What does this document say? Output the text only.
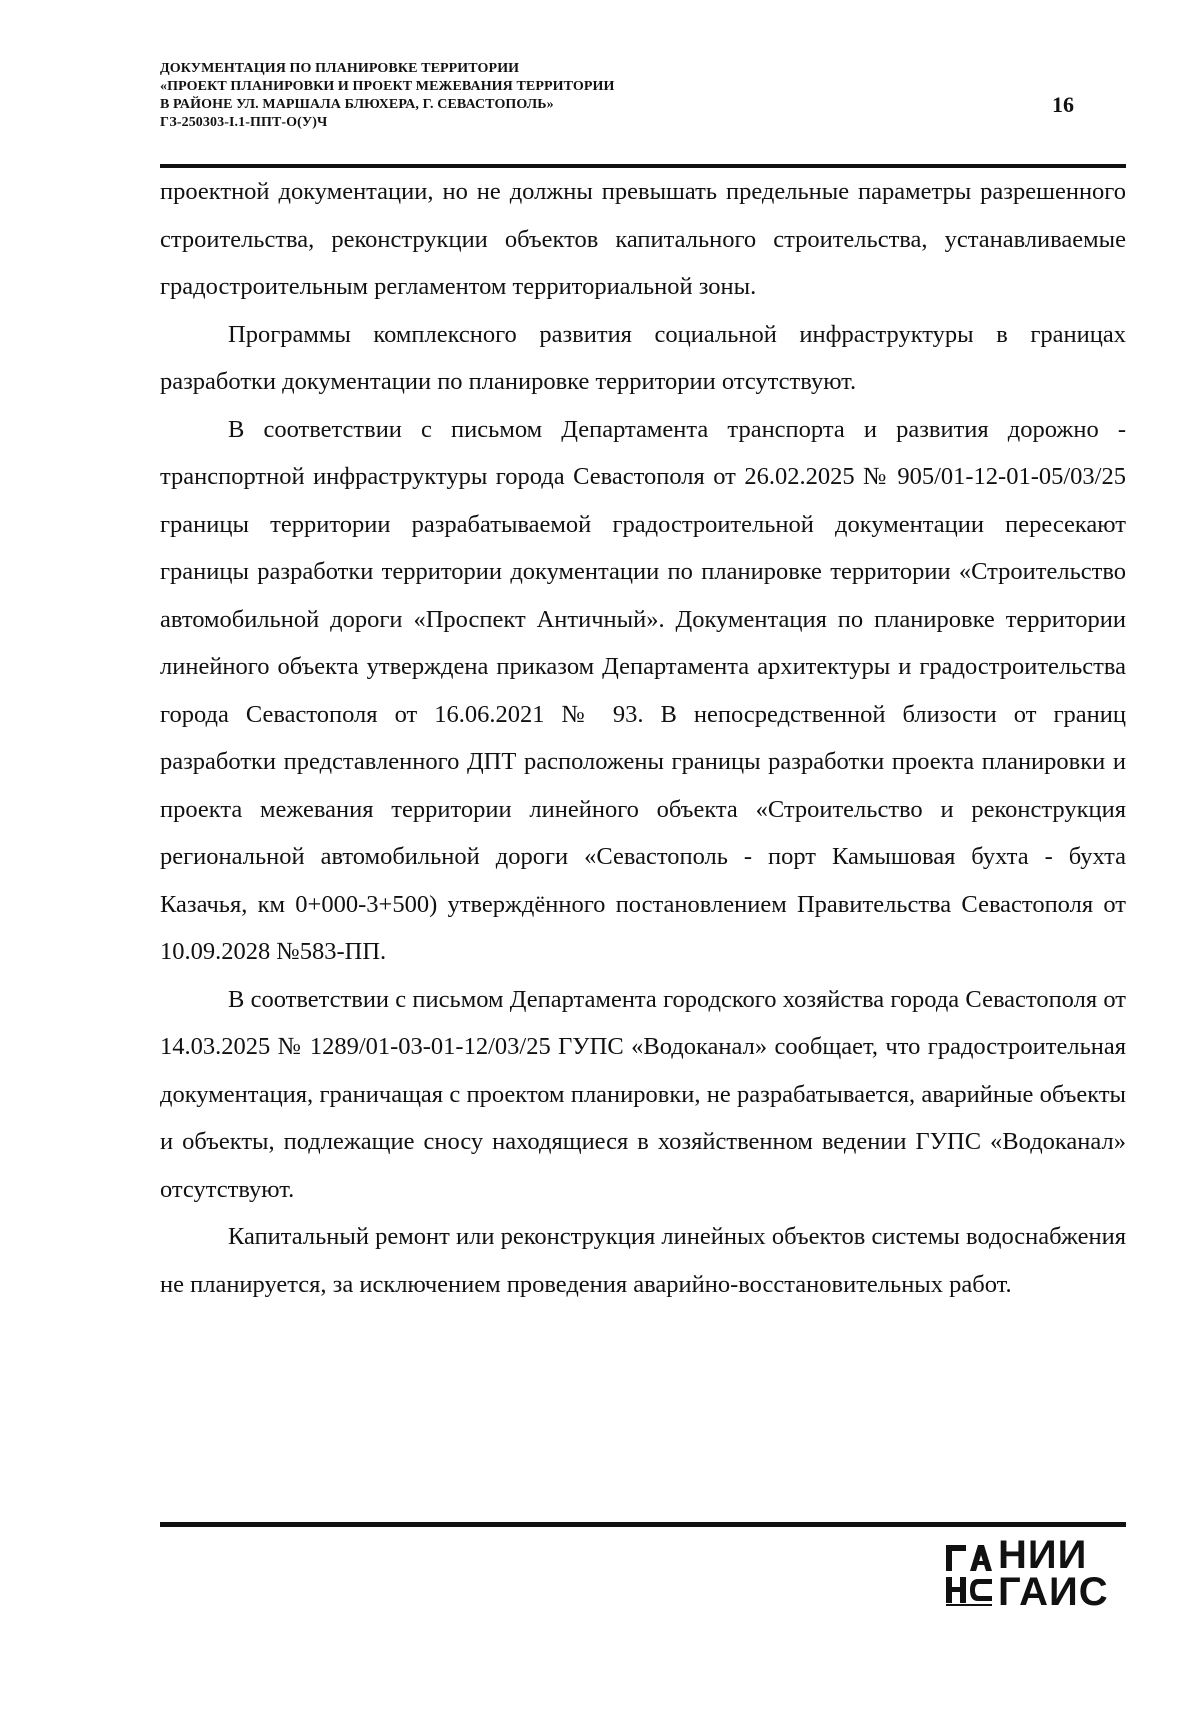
ДОКУМЕНТАЦИЯ ПО ПЛАНИРОВКЕ ТЕРРИТОРИИ
«ПРОЕКТ ПЛАНИРОВКИ И ПРОЕКТ МЕЖЕВАНИЯ ТЕРРИТОРИИ
В РАЙОНЕ УЛ. МАРШАЛА БЛЮХЕРА, Г. СЕВАСТОПОЛЬ»
ГЗ-250303-I.1-ППТ-О(У)Ч
16

проектной документации, но не должны превышать предельные параметры разрешенного строительства, реконструкции объектов капитального строительства, устанавливаемые градостроительным регламентом территориальной зоны.

Программы комплексного развития социальной инфраструктуры в границах разработки документации по планировке территории отсутствуют.

В соответствии с письмом Департамента транспорта и развития дорожно - транспортной инфраструктуры города Севастополя от 26.02.2025 № 905/01-12-01-05/03/25 границы территории разрабатываемой градостроительной документации пересекают границы разработки территории документации по планировке территории «Строительство автомобильной дороги «Проспект Античный». Документация по планировке территории линейного объекта утверждена приказом Департамента архитектуры и градостроительства города Севастополя от 16.06.2021 № 93. В непосредственной близости от границ разработки представленного ДПТ расположены границы разработки проекта планировки и проекта межевания территории линейного объекта «Строительство и реконструкция региональной автомобильной дороги «Севастополь - порт Камышовая бухта - бухта Казачья, км 0+000-3+500) утверждённого постановлением Правительства Севастополя от 10.09.2028 №583-ПП.

В соответствии с письмом Департамента городского хозяйства города Севастополя от 14.03.2025 № 1289/01-03-01-12/03/25 ГУПС «Водоканал» сообщает, что градостроительная документация, граничащая с проектом планировки, не разрабатывается, аварийные объекты и объекты, подлежащие сносу находящиеся в хозяйственном ведении ГУПС «Водоканал» отсутствуют.

Капитальный ремонт или реконструкция линейных объектов системы водоснабжения не планируется, за исключением проведения аварийно-восстановительных работ.

НИИ
ГАИС
